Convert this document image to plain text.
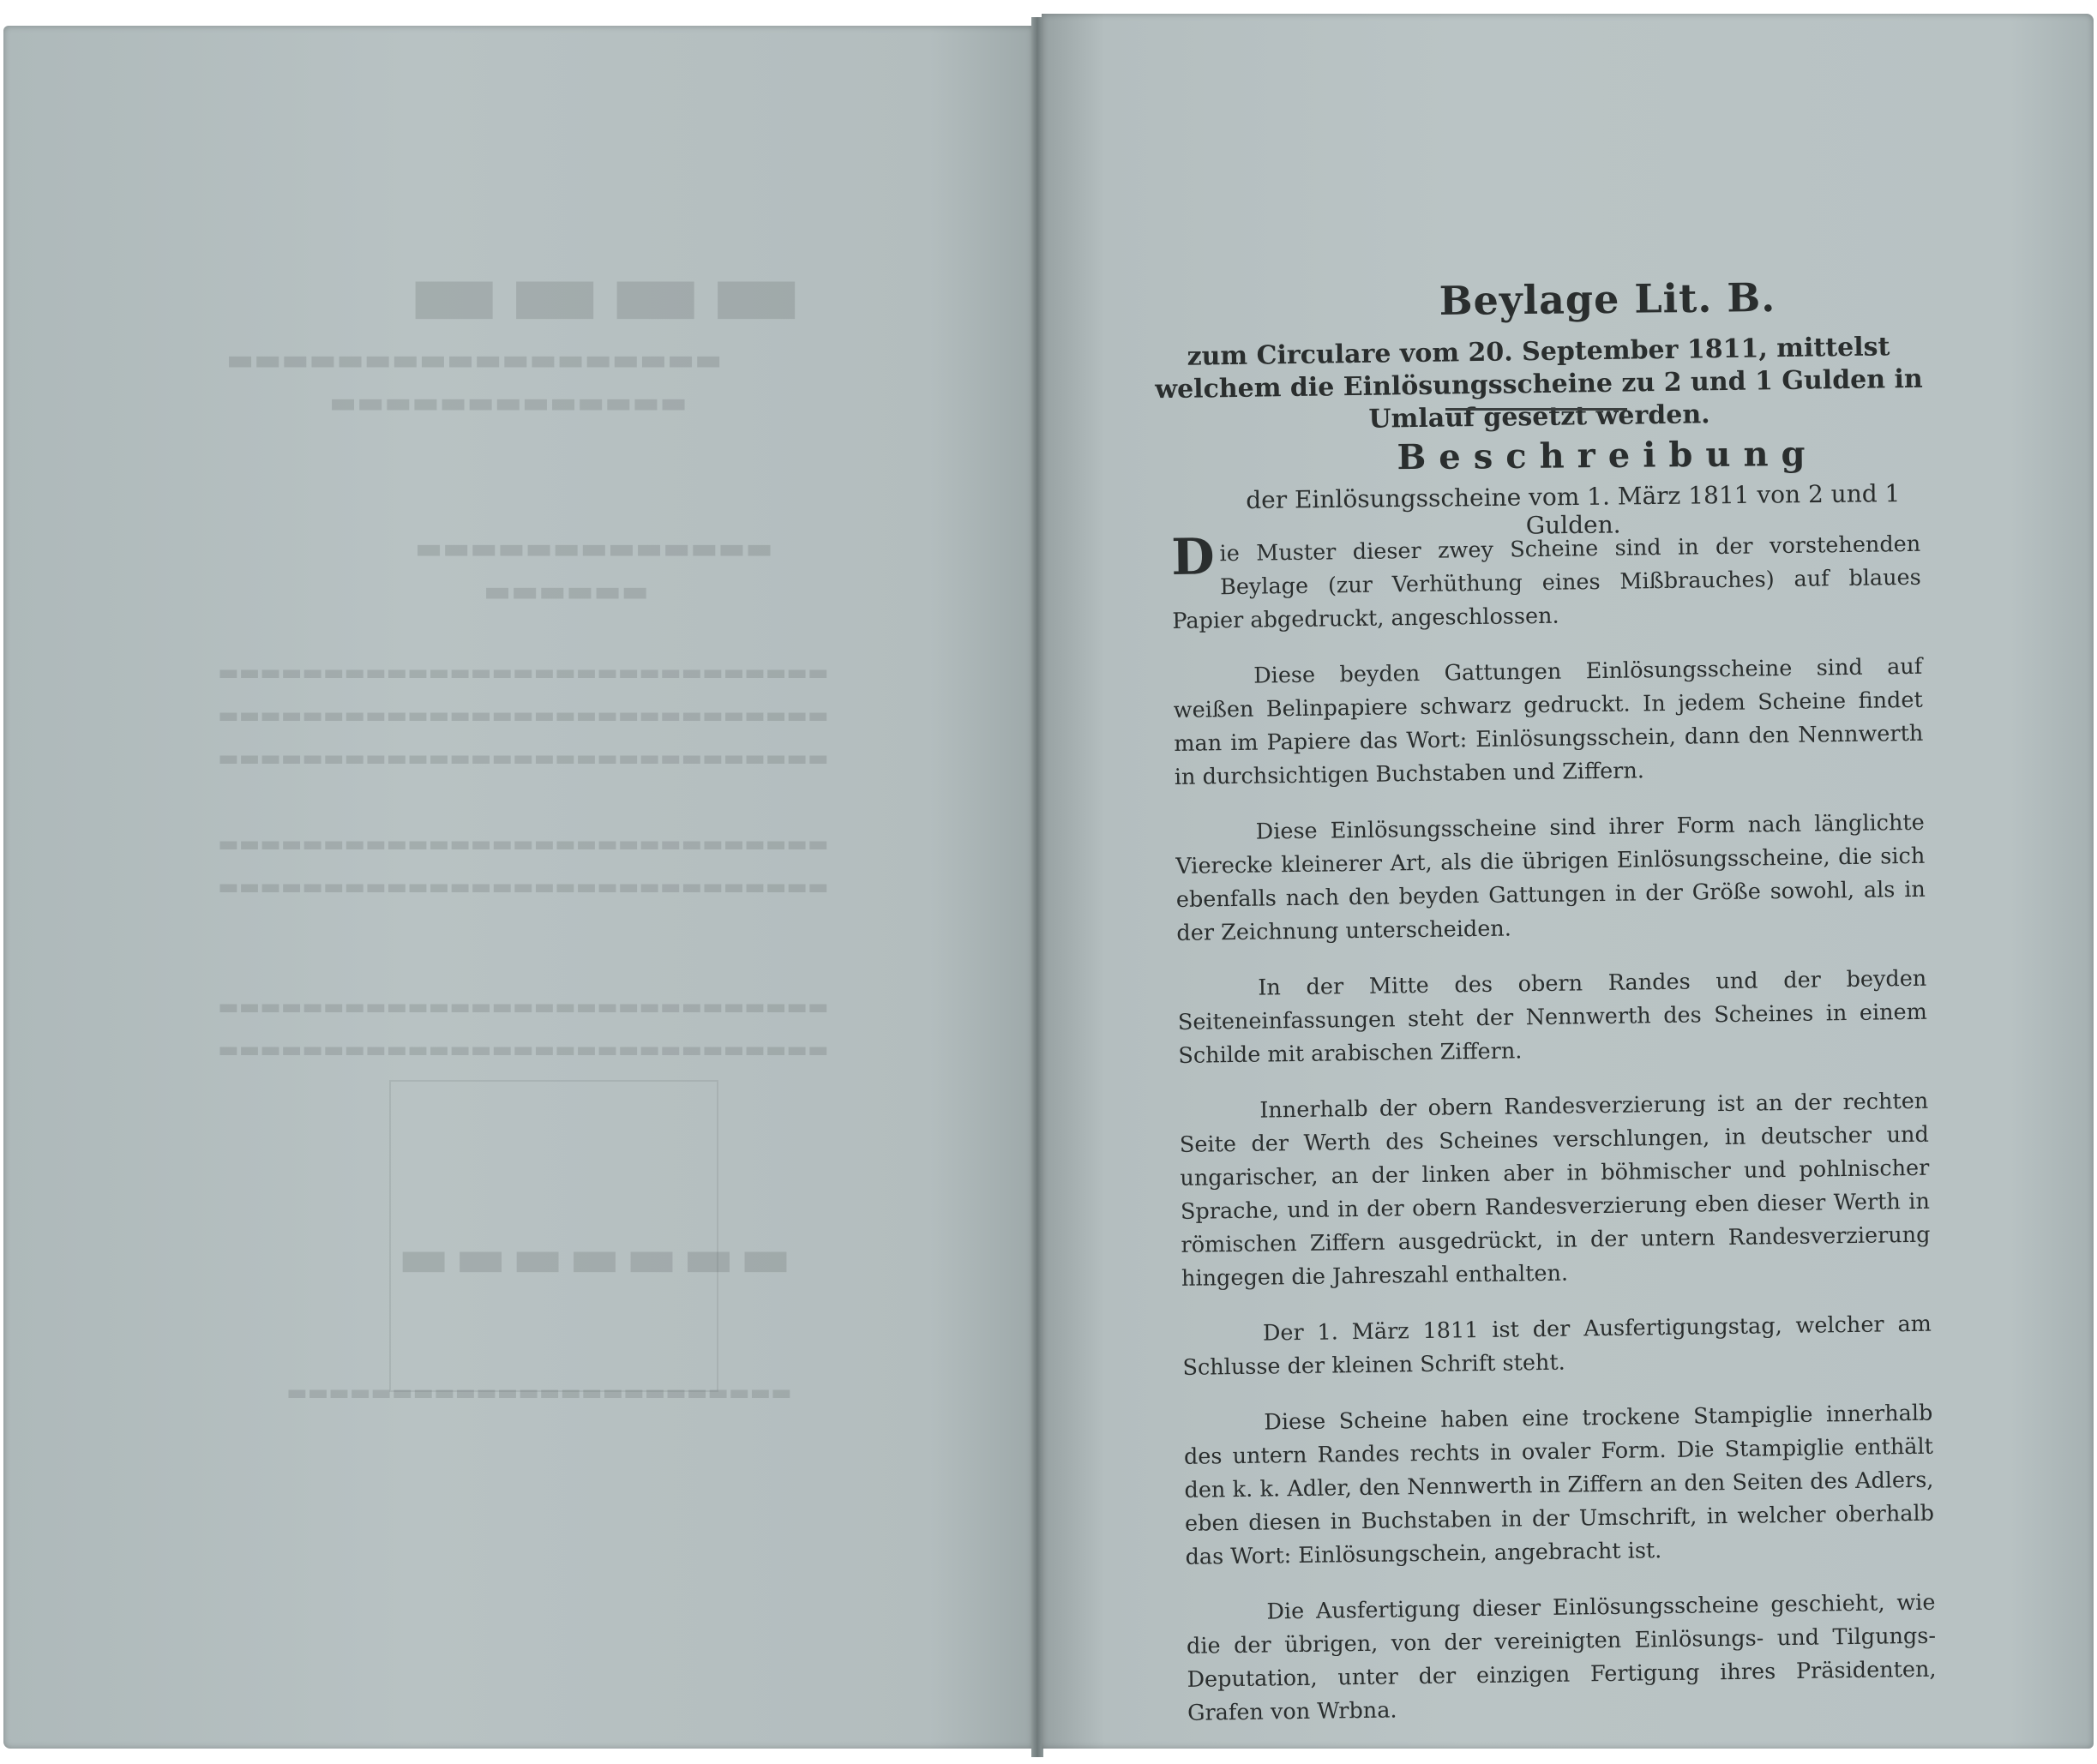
▬▬▬▬
▬▬▬▬▬▬▬▬▬▬▬▬▬▬▬▬▬▬
▬▬▬▬▬▬▬▬▬▬▬▬▬
▬▬▬▬▬▬▬▬▬▬▬▬▬
▬▬▬▬▬▬
▬▬▬▬▬▬▬▬▬▬▬▬▬▬▬▬▬▬▬▬▬▬▬▬▬▬▬▬▬
▬▬▬▬▬▬▬▬▬▬▬▬▬▬▬▬▬▬▬▬▬▬▬▬▬▬▬▬▬
▬▬▬▬▬▬▬▬▬▬▬▬▬▬▬▬▬▬▬▬▬▬▬▬▬▬▬▬▬
▬▬▬▬▬▬▬▬▬▬▬▬▬▬▬▬▬▬▬▬▬▬▬▬▬▬▬▬▬
▬▬▬▬▬▬▬▬▬▬▬▬▬▬▬▬▬▬▬▬▬▬▬▬▬▬▬▬▬
▬▬▬▬▬▬▬▬▬▬▬▬▬▬▬▬▬▬▬▬▬▬▬▬▬▬▬▬▬
▬▬▬▬▬▬▬▬▬▬▬▬▬▬▬▬▬▬▬▬▬▬▬▬▬▬▬▬▬
▬▬▬▬▬▬▬
▬▬▬▬▬▬▬▬▬▬▬▬▬▬▬▬▬▬▬▬▬▬▬▬
Beylage Lit. B.
zum Circulare vom 20. September 1811, mittelst welchem die Einlösungsscheine zu 2 und 1 Gulden in Umlauf gesetzt werden.
Beschreibung
der Einlösungsscheine vom 1. März 1811 von 2 und 1 Gulden.

Die Muster dieser zwey Scheine sind in der vorstehenden Beylage (zur Verhüthung eines Mißbrauches) auf blaues Papier abgedruckt, angeschlossen.

Diese beyden Gattungen Einlösungsscheine sind auf weißen Belinpapiere schwarz gedruckt. In jedem Scheine findet man im Papiere das Wort: Einlösungsschein, dann den Nennwerth in durchsichtigen Buchstaben und Ziffern.

Diese Einlösungsscheine sind ihrer Form nach länglichte Vierecke kleinerer Art, als die übrigen Einlösungsscheine, die sich ebenfalls nach den beyden Gattungen in der Größe sowohl, als in der Zeichnung unterscheiden.

In der Mitte des obern Randes und der beyden Seiteneinfassungen steht der Nennwerth des Scheines in einem Schilde mit arabischen Ziffern.

Innerhalb der obern Randesverzierung ist an der rechten Seite der Werth des Scheines verschlungen, in deutscher und ungarischer, an der linken aber in böhmischer und pohlnischer Sprache, und in der obern Randesverzierung eben dieser Werth in römischen Ziffern ausgedrückt, in der untern Randesverzierung hingegen die Jahreszahl enthalten.

Der 1. März 1811 ist der Ausfertigungstag, welcher am Schlusse der kleinen Schrift steht.

Diese Scheine haben eine trockene Stampiglie innerhalb des untern Randes rechts in ovaler Form. Die Stampiglie enthält den k. k. Adler, den Nennwerth in Ziffern an den Seiten des Adlers, eben diesen in Buchstaben in der Umschrift, in welcher oberhalb das Wort: Einlösungschein, angebracht ist.

Die Ausfertigung dieser Einlösungsscheine geschieht, wie die der übrigen, von der vereinigten Einlösungs- und Tilgungs-Deputation, unter der einzigen Fertigung ihres Präsidenten, Grafen von Wrbna.
